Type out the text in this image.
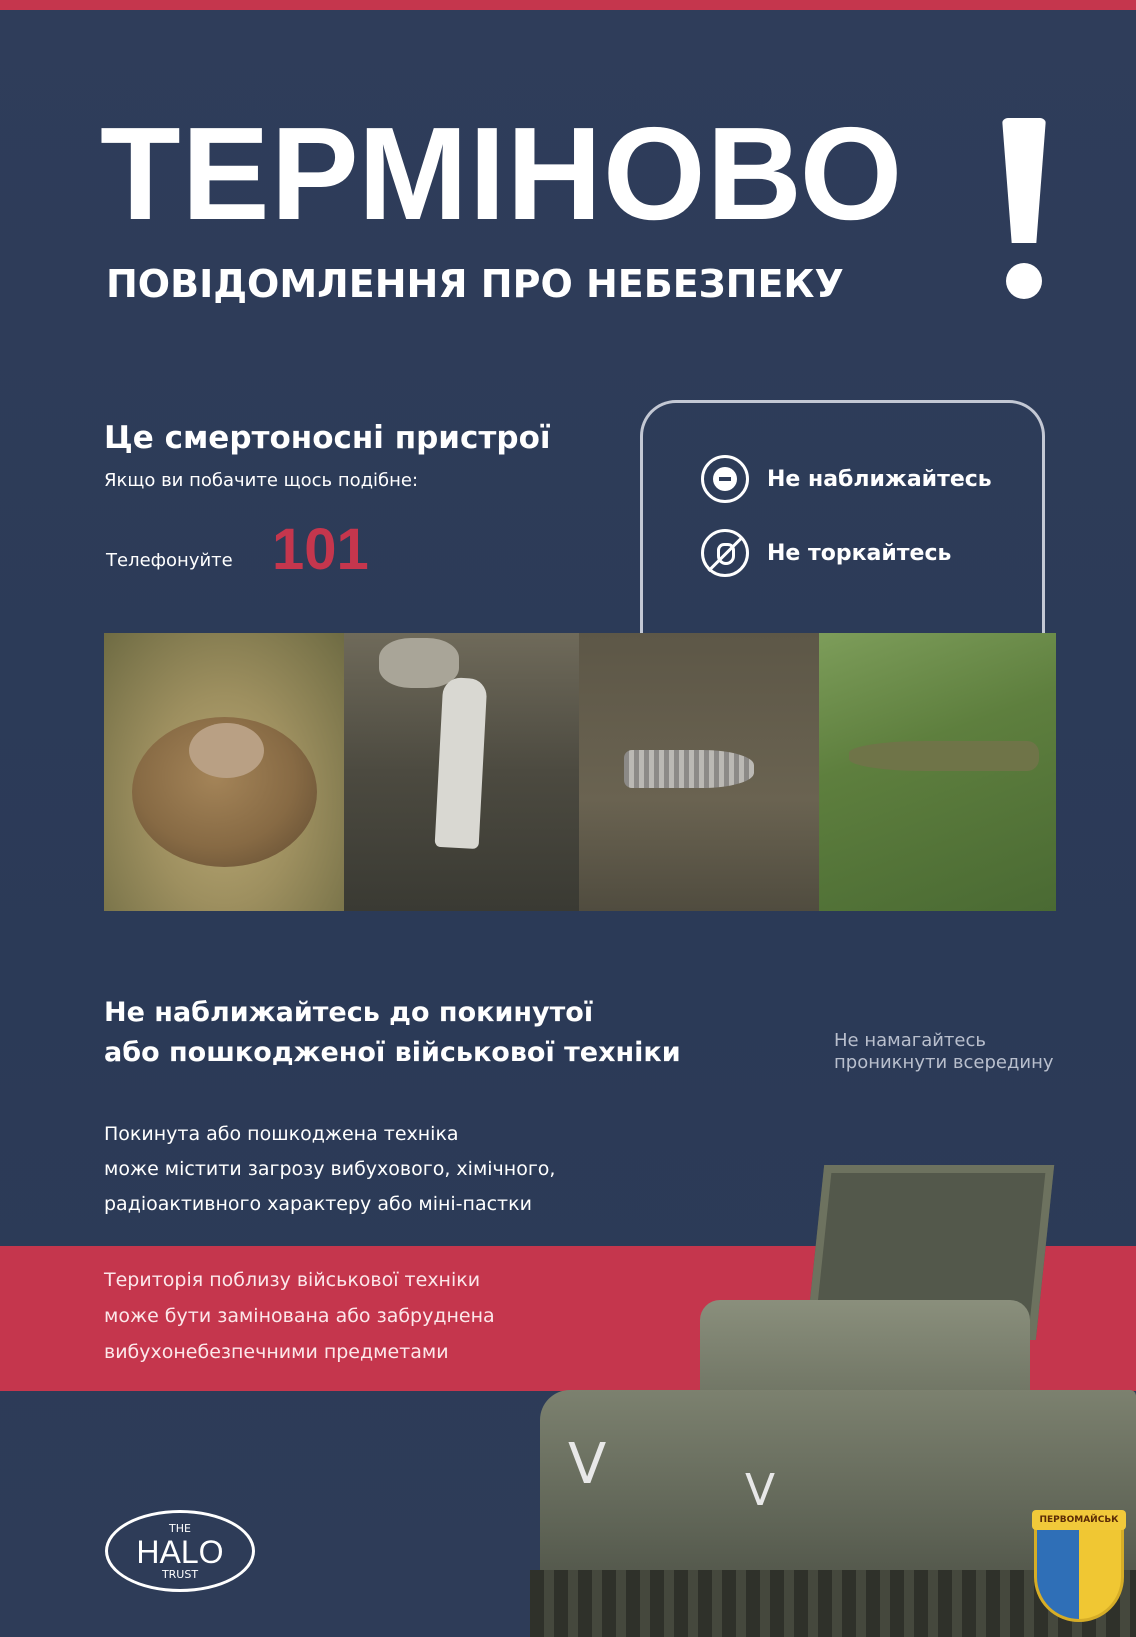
ТЕРМІНОВО
ПОВІДОМЛЕННЯ ПРО НЕБЕЗПЕКУ
Це смертоносні пристрої
Якщо ви побачите щось подібне:
Телефонуйте 101
Не наближайтесь
Не торкайтесь
Не наближайтесь до покинутої
або пошкодженої військової техніки	Не намагайтесь
проникнути всередину
Покинута або пошкоджена техніка
може містити загрозу вибухового, хімічного,
радіоактивного характеру або міні-пастки
Територія поблизу військової техніки
може бути замінована або забруднена
вибухонебезпечними предметами
V	V
THE
HALO
TRUST
ПЕРВОМАЙСЬК
